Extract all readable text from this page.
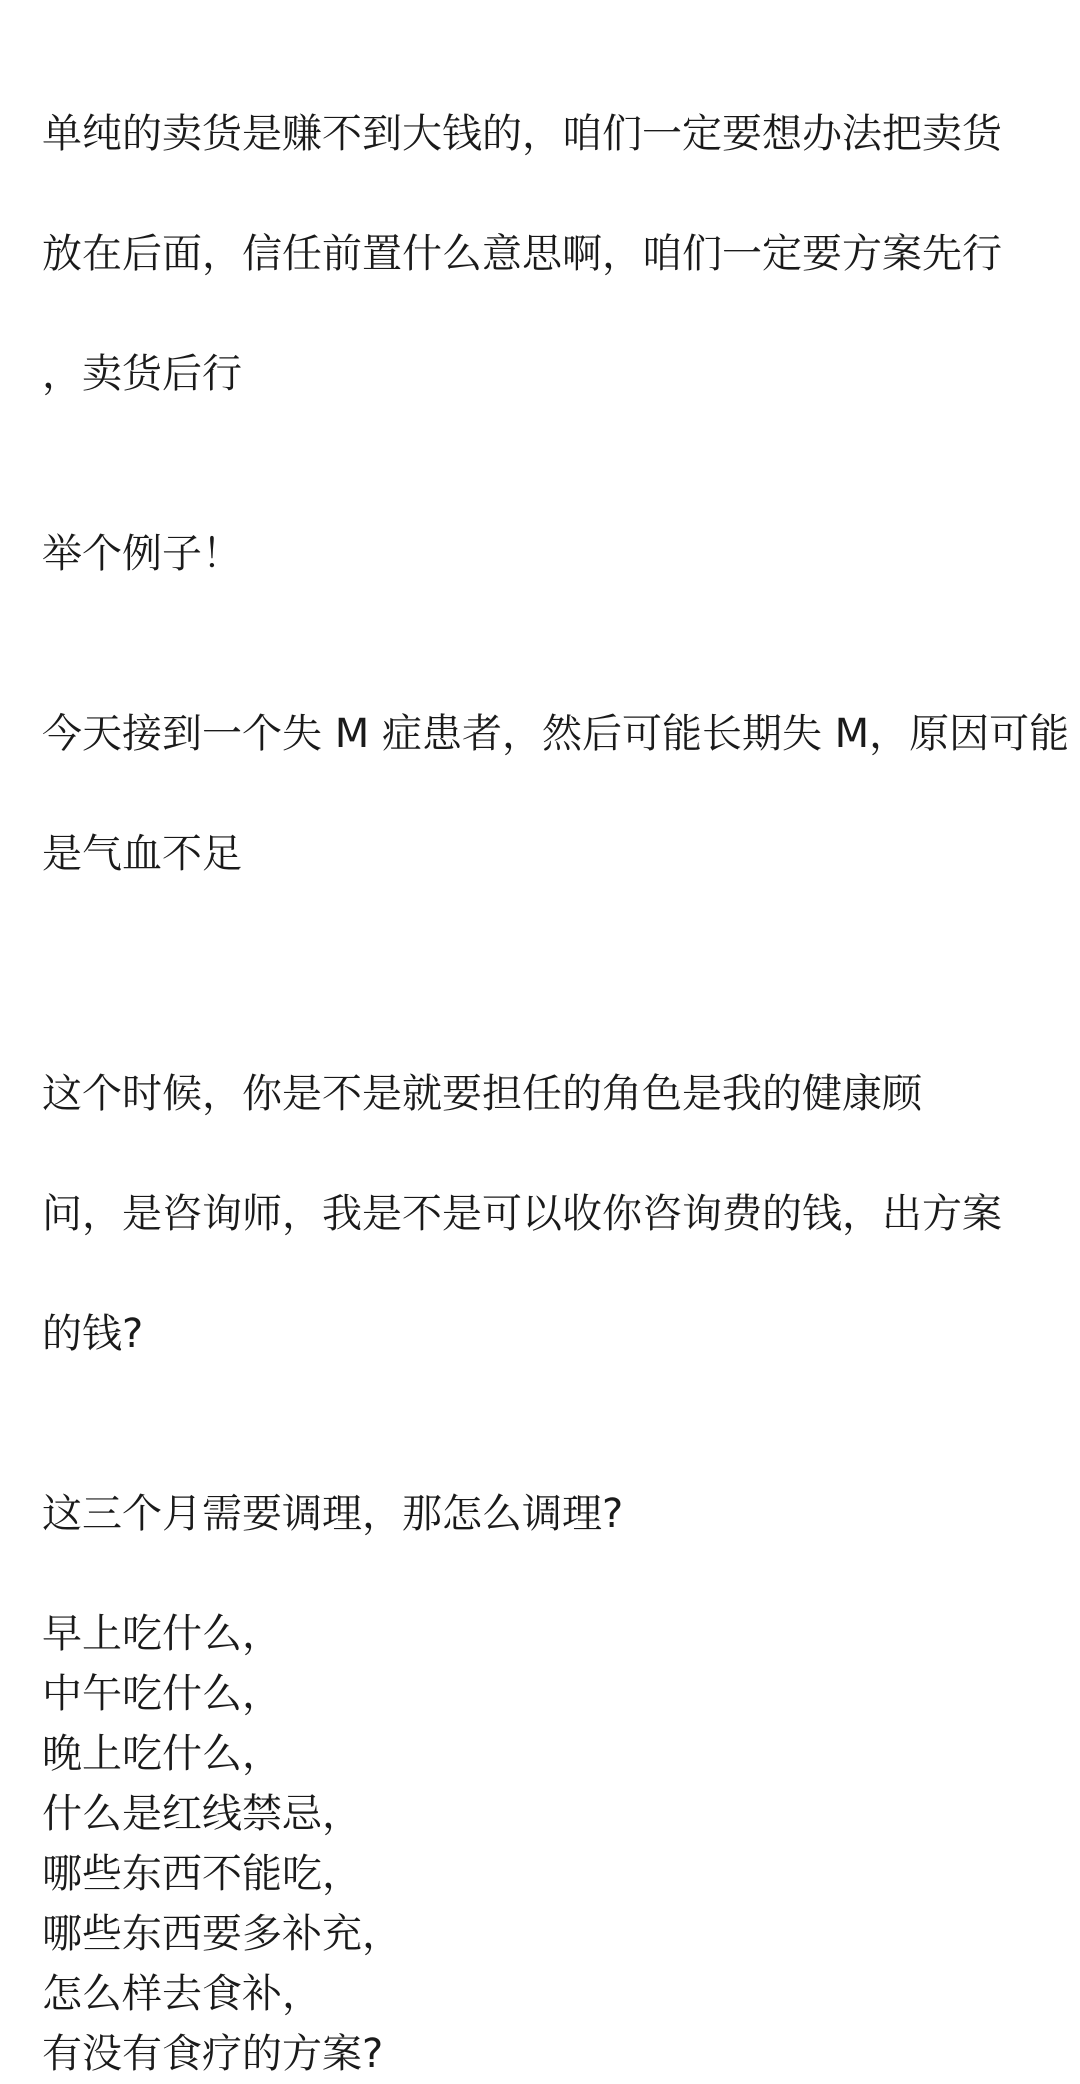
单纯的卖货是赚不到大钱的，咱们一定要想办法把卖货

放在后面，信任前置什么意思啊，咱们一定要方案先行

，卖货后行

举个例子！

今天接到一个失 M 症患者，然后可能长期失 M，原因可能

是气血不足

这个时候，你是不是就要担任的角色是我的健康顾

问，是咨询师，我是不是可以收你咨询费的钱，出方案

的钱?

这三个月需要调理，那怎么调理?

早上吃什么，
中午吃什么，
晚上吃什么，
什么是红线禁忌，
哪些东西不能吃，
哪些东西要多补充，
怎么样去食补，
有没有食疗的方案?
